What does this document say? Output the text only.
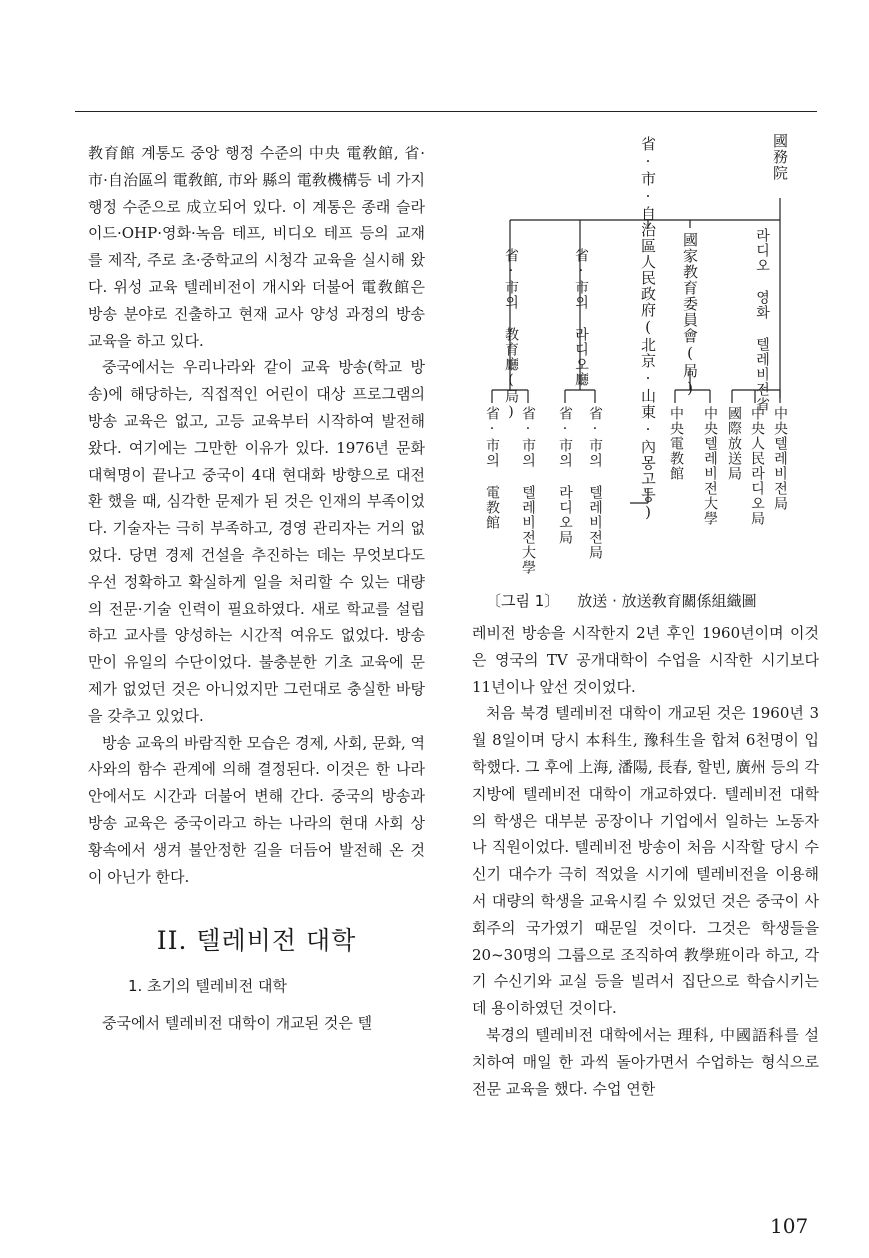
教育館 계통도 중앙 행정 수준의 中央 電敎館, 省·市·自治區의 電敎館, 市와 縣의 電敎機構등 네 가지 행정 수준으로 成立되어 있다. 이 계통은 종래 슬라이드·OHP·영화·녹음 테프, 비디오 테프 등의 교재를 제작, 주로 초·중학교의 시청각 교육을 실시해 왔다. 위성 교육 텔레비전이 개시와 더불어 電敎館은 방송 분야로 진출하고 현재 교사 양성 과정의 방송 교육을 하고 있다.

중국에서는 우리나라와 같이 교육 방송(학교 방송)에 해당하는, 직접적인 어린이 대상 프로그램의 방송 교육은 없고, 고등 교육부터 시작하여 발전해 왔다. 여기에는 그만한 이유가 있다. 1976년 문화대혁명이 끝나고 중국이 4대 현대화 방향으로 대전환 했을 때, 심각한 문제가 된 것은 인재의 부족이었다. 기술자는 극히 부족하고, 경영 관리자는 거의 없었다. 당면 경제 건설을 추진하는 데는 무엇보다도 우선 정확하고 확실하게 일을 처리할 수 있는 대량의 전문·기술 인력이 필요하였다. 새로 학교를 설립하고 교사를 양성하는 시간적 여유도 없었다. 방송만이 유일의 수단이었다. 불충분한 기초 교육에 문제가 없었던 것은 아니었지만 그런대로 충실한 바탕을 갖추고 있었다.

방송 교육의 바람직한 모습은 경제, 사회, 문화, 역사와의 함수 관계에 의해 결정된다. 이것은 한 나라 안에서도 시간과 더불어 변해 간다. 중국의 방송과 방송 교육은 중국이라고 하는 나라의 현대 사회 상황속에서 생겨 불안정한 길을 더듬어 발전해 온 것이 아닌가 한다.

II. 텔레비전 대학
1. 초기의 텔레비전 대학

중국에서 텔레비전 대학이 개교된 것은 텔

國務院
라디오 영화 텔레비전省
中央텔레비전局
中央人民라디오局
國際放送局
國家教育委員會(局)
中央텔레비전大學
中央電教館
省·市·自治區人民政府(北京·山東·內몽고등)
省·市의 라디오廳
省·市의 텔레비전局
省·市의 라디오局
省·市의 教育廳(局)
省·市의 텔레비전大學
省·市의 電教館
〔그림 1〕 放送 · 放送敎育關係組織圖

레비전 방송을 시작한지 2년 후인 1960년이며 이것은 영국의 TV 공개대학이 수업을 시작한 시기보다 11년이나 앞선 것이었다.

처음 북경 텔레비전 대학이 개교된 것은 1960년 3월 8일이며 당시 本科生, 豫科生을 합쳐 6천명이 입학했다. 그 후에 上海, 潘陽, 長春, 할빈, 廣州 등의 각 지방에 텔레비전 대학이 개교하였다. 텔레비전 대학의 학생은 대부분 공장이나 기업에서 일하는 노동자나 직원이었다. 텔레비전 방송이 처음 시작할 당시 수신기 대수가 극히 적었을 시기에 텔레비전을 이용해서 대량의 학생을 교육시킬 수 있었던 것은 중국이 사회주의 국가였기 때문일 것이다. 그것은 학생들을 20~30명의 그룹으로 조직하여 教學班이라 하고, 각기 수신기와 교실 등을 빌려서 집단으로 학습시키는 데 용이하였던 것이다.

북경의 텔레비전 대학에서는 理科, 中國語科를 설치하여 매일 한 과씩 돌아가면서 수업하는 형식으로 전문 교육을 했다. 수업 연한

107
